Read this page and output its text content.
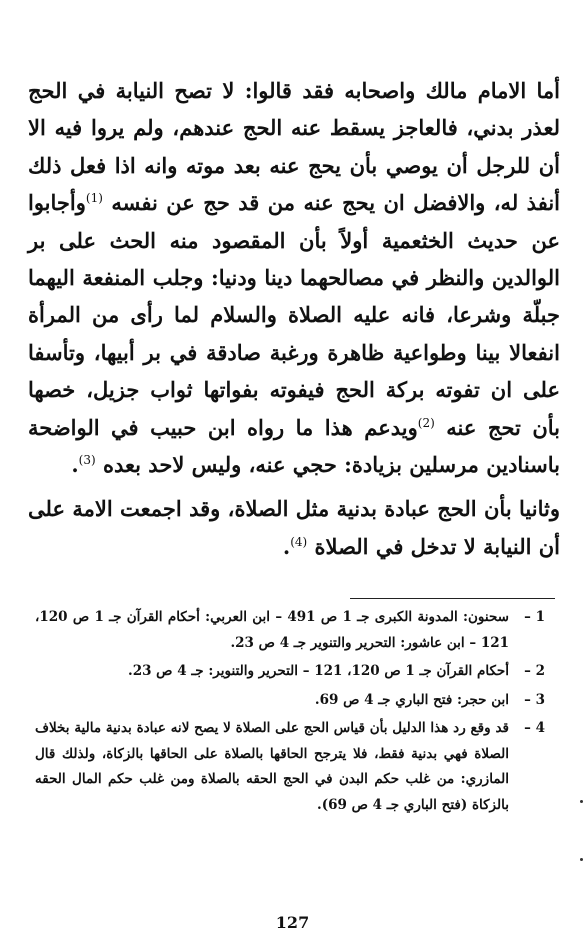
أما الامام مالك واصحابه فقد قالوا: لا تصح النيابة في الحج لعذر بدني، فالعاجز يسقط عنه الحج عندهم، ولم يروا فيه الا أن للرجل أن يوصي بأن يحج عنه بعد موته وانه اذا فعل ذلك أنفذ له، والافضل ان يحج عنه من قد حج عن نفسه $^{(1)}$وأجابوا عن حديث الخثعمية أولاً بأن المقصود منه الحث على بر الوالدين والنظر في مصالحهما دينا ودنيا: وجلب المنفعة اليهما جبلّة وشرعا، فانه عليه الصلاة والسلام لما رأى من المرأة انفعالا بينا وطواعية ظاهرة ورغبة صادقة في بر أبيها، وتأسفا على ان تفوته بركة الحج فيفوته بفواتها ثواب جزيل، خصها بأن تحج عنه $^{(2)}$ويدعم هذا ما رواه ابن حبيب في الواضحة باسنادين مرسلين بزيادة: حجي عنه، وليس لاحد بعده $^{(3)}$.

وثانيا بأن الحج عبادة بدنية مثل الصلاة، وقد اجمعت الامة على أن النيابة لا تدخل في الصلاة $^{(4)}$.

1 –
سحنون: المدونة الكبرى جـ 1 ص 491 – ابن العربي: أحكام القرآن جـ 1 ص 120، 121 – ابن عاشور: التحرير والتنوير جـ 4 ص 23.
2 –
أحكام القرآن جـ 1 ص 120، 121 – التحرير والتنوير: جـ 4 ص 23.
3 –
ابن حجر: فتح الباري جـ 4 ص 69.
4 –
قد وقع رد هذا الدليل بأن قياس الحج على الصلاة لا يصح لانه عبادة بدنية مالية بخلاف الصلاة فهي بدنية فقط، فلا يترجح الحاقها بالصلاة على الحاقها بالزكاة، ولذلك قال المازري: من غلب حكم البدن في الحج الحقه بالصلاة ومن غلب حكم المال الحقه بالزكاة (فتح الباري جـ 4 ص 69).
127
